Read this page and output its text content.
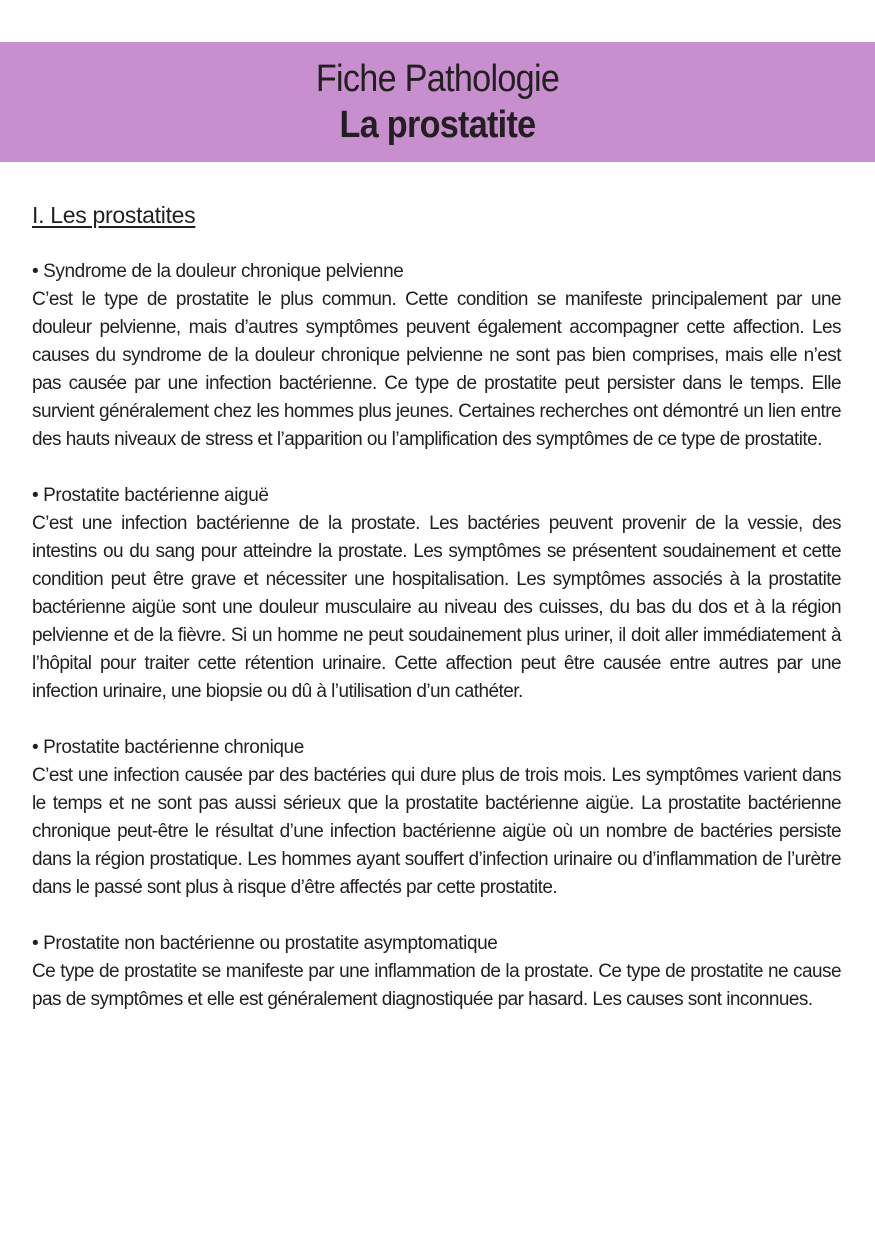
Fiche Pathologie
La prostatite
I. Les prostatites
• Syndrome de la douleur chronique pelvienne
C’est le type de prostatite le plus commun. Cette condition se manifeste principalement par une douleur pelvienne, mais d’autres symptômes peuvent également accompagner cette affection. Les causes du syndrome de la douleur chronique pelvienne ne sont pas bien comprises, mais elle n’est pas causée par une infection bactérienne. Ce type de prostatite peut persister dans le temps. Elle survient généralement chez les hommes plus jeunes. Certaines recherches ont démontré un lien entre des hauts niveaux de stress et l’apparition ou l’amplification des symptômes de ce type de prostatite.
• Prostatite bactérienne aiguë
C’est une infection bactérienne de la prostate. Les bactéries peuvent provenir de la vessie, des intestins ou du sang pour atteindre la prostate. Les symptômes se présentent soudainement et cette condition peut être grave et nécessiter une hospitalisation. Les symptômes associés à la prostatite bactérienne aigüe sont une douleur musculaire au niveau des cuisses, du bas du dos et à la région pelvienne et de la fièvre. Si un homme ne peut soudainement plus uriner, il doit aller immédiatement à l’hôpital pour traiter cette rétention urinaire. Cette affection peut être causée entre autres par une infection urinaire, une biopsie ou dû à l’utilisation d’un cathéter.
• Prostatite bactérienne chronique
C’est une infection causée par des bactéries qui dure plus de trois mois. Les symptômes varient dans le temps et ne sont pas aussi sérieux que la prostatite bactérienne aigüe. La prostatite bactérienne chronique peut-être le résultat d’une infection bactérienne aigüe où un nombre de bactéries persiste dans la région prostatique. Les hommes ayant souffert d’infection urinaire ou d’inflammation de l’urètre dans le passé sont plus à risque d’être affectés par cette prostatite.
• Prostatite non bactérienne ou prostatite asymptomatique
Ce type de prostatite se manifeste par une inflammation de la prostate. Ce type de prostatite ne cause pas de symptômes et elle est généralement diagnostiquée par hasard. Les causes sont inconnues.
